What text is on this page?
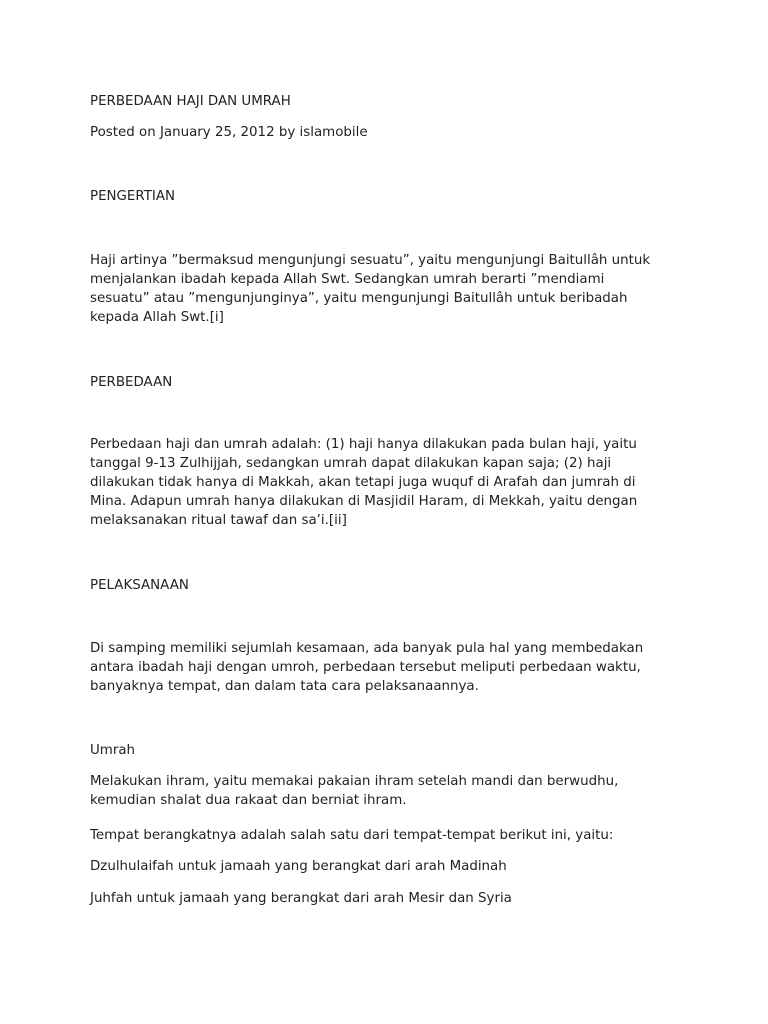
PERBEDAAN HAJI DAN UMRAH

Posted on January 25, 2012 by islamobile

PENGERTIAN

Haji artinya ”bermaksud mengunjungi sesuatu”, yaitu mengunjungi Baitullâh untuk
menjalankan ibadah kepada Allah Swt. Sedangkan umrah berarti ”mendiami
sesuatu” atau ”mengunjunginya”, yaitu mengunjungi Baitullâh untuk beribadah
kepada Allah Swt.[i]

PERBEDAAN

Perbedaan haji dan umrah adalah: (1) haji hanya dilakukan pada bulan haji, yaitu
tanggal 9-13 Zulhijjah, sedangkan umrah dapat dilakukan kapan saja; (2) haji
dilakukan tidak hanya di Makkah, akan tetapi juga wuquf di Arafah dan jumrah di
Mina. Adapun umrah hanya dilakukan di Masjidil Haram, di Mekkah, yaitu dengan
melaksanakan ritual tawaf dan sa’i.[ii]

PELAKSANAAN

Di samping memiliki sejumlah kesamaan, ada banyak pula hal yang membedakan
antara ibadah haji dengan umroh, perbedaan tersebut meliputi perbedaan waktu,
banyaknya tempat, dan dalam tata cara pelaksanaannya.

Umrah

Melakukan ihram, yaitu memakai pakaian ihram setelah mandi dan berwudhu,
kemudian shalat dua rakaat dan berniat ihram.

Tempat berangkatnya adalah salah satu dari tempat-tempat berikut ini, yaitu:

Dzulhulaifah untuk jamaah yang berangkat dari arah Madinah

Juhfah untuk jamaah yang berangkat dari arah Mesir dan Syria
